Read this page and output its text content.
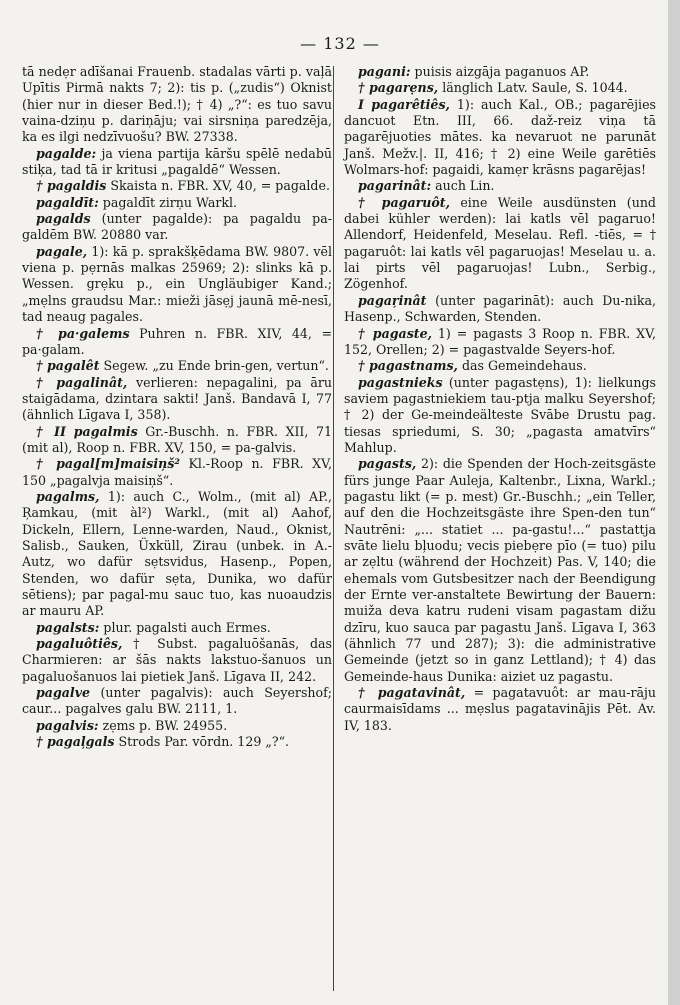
— 132 —

tā nedẹr adīšanai Frauenb. stadalas vārti p. vaļā Upītis Pirmā nakts 7; 2): tis p. („zudis“) Oknist (hier nur in dieser Bed.!); † 4) „?“: es tuo savu vaina-dziņu p. dariņāju; vai sirsniņa paredzēja, ka es ilgi nedzīvuošu? BW. 27338.

pagalde: ja viena partija kāršu spēlē nedabū stiķa, tad tā ir kritusi „pagaldē“ Wessen.

† pagaldis Skaista n. FBR. XV, 40, = pagalde.

pagaldīt: pagaldīt zirņu Warkl.

pagalds (unter pagalde): pa pagaldu pa-galdēm BW. 20880 var.

pagale, 1): kā p. sprakšķēdama BW. 9807. vēl viena p. pẹrnās malkas 25969; 2): slinks kā p. Wessen. grẹku p., ein Ungläubiger Kand.; „mẹlns graudsu Mar.: mieži jāsẹj jaunā mē-nesī, tad neaug pagales.

† pa·galems Puhren n. FBR. XIV, 44, = pa·galam.

† pagalêt Segew. „zu Ende brin-gen, vertun“.

† pagalinât, verlieren: nepagalini, pa āru staigādama, dzintara sakti! Janš. Bandavā I, 77 (ähnlich Līgava I, 358).

† II pagalmis Gr.-Buschh. n. FBR. XII, 71 (mit al), Roop n. FBR. XV, 150, = pa-galvis.

† pagal[m]maisiņš² Kl.-Roop n. FBR. XV, 150 „pagalvja maisiņš“.

pagalms, 1): auch C., Wolm., (mit al) AP., Ŗamkau, (mit àl²) Warkl., (mit al) Aahof, Dickeln, Ellern, Lenne-warden, Naud., Oknist, Salisb., Sauken, Üxküll, Zirau (unbek. in A.-Autz, wo dafür sẹtsvidus, Hasenp., Popen, Stenden, wo dafür sẹta, Dunika, wo dafür sētiens); par pagal-mu sauc tuo, kas nuoaudzis ar mauru AP.

pagalsts: plur. pagalsti auch Ermes.

pagaluôtiês, † Subst. pagaluōšanās, das Charmieren: ar šās nakts lakstuo-šanuos un pagaluošanuos lai pietiek Janš. Līgava II, 242.

pagalve (unter pagalvis): auch Seyershof; caur... pagalves galu BW. 2111, 1.

pagalvis: zẹms p. BW. 24955.

† pagaļgals Strods Par. vōrdn. 129 „?“.

pagani: puisis aizgāja paganuos AP.

† pagarẹns, länglich Latv. Saule, S. 1044.

I pagarêtiês, 1): auch Kal., OB.; pagarējies dancuot Etn. III, 66. daž-reiz viņa tā pagarējuoties mātes. ka nevaruot ne parunāt Janš. Mežv.|. II, 416; † 2) eine Weile garētiēs Wolmars-hof: pagaidi, kamẹr krāsns pagarējas!

pagarinât: auch Lin.

† pagaruôt, eine Weile ausdünsten (und dabei kühler werden): lai katls vēl pagaruo! Allendorf, Heidenfeld, Meselau. Refl. -tiēs, = † pagaruôt: lai katls vēl pagaruojas! Meselau u. a. lai pirts vēl pagaruojas! Lubn., Serbig., Zögenhof.

pagaŗinât (unter pagarināt): auch Du-nika, Hasenp., Schwarden, Stenden.

† pagaste, 1) = pagasts 3 Roop n. FBR. XV, 152, Orellen; 2) = pagastvalde Seyers-hof.

† pagastnams, das Gemeindehaus.

pagastnieks (unter pagastẹns), 1): lielkungs saviem pagastniekiem tau-ptja malku Seyershof; † 2) der Ge-meindeälteste Svābe Drustu pag. tiesas spriedumi, S. 30; „pagasta amatvīrs“ Mahlup.

pagasts, 2): die Spenden der Hoch-zeitsgäste fürs junge Paar Auleja, Kaltenbr., Lixna, Warkl.; pagastu likt (= p. mest) Gr.-Buschh.; „ein Teller, auf den die Hochzeitsgäste ihre Spen-den tun“ Nautrēni: „... statiet ... pa-gastu!...“ pastattja svāte lielu bļuodu; vecis piebẹre pīo (= tuo) pilu ar zẹltu (während der Hochzeit) Pas. V, 140; die ehemals vom Gutsbesitzer nach der Beendigung der Ernte ver-anstaltete Bewirtung der Bauern: muiža deva katru rudeni visam pagastam dižu dzīru, kuo sauca par pagastu Janš. Līgava I, 363 (ähnlich 77 und 287); 3): die administrative Gemeinde (jetzt so in ganz Lettland); † 4) das Gemeinde-haus Dunika: aiziet uz pagastu.

† pagatavinât, = pagatavuôt: ar mau-rāju caurmaisīdams ... mẹslus pagatavinājis Pēt. Av. IV, 183.
